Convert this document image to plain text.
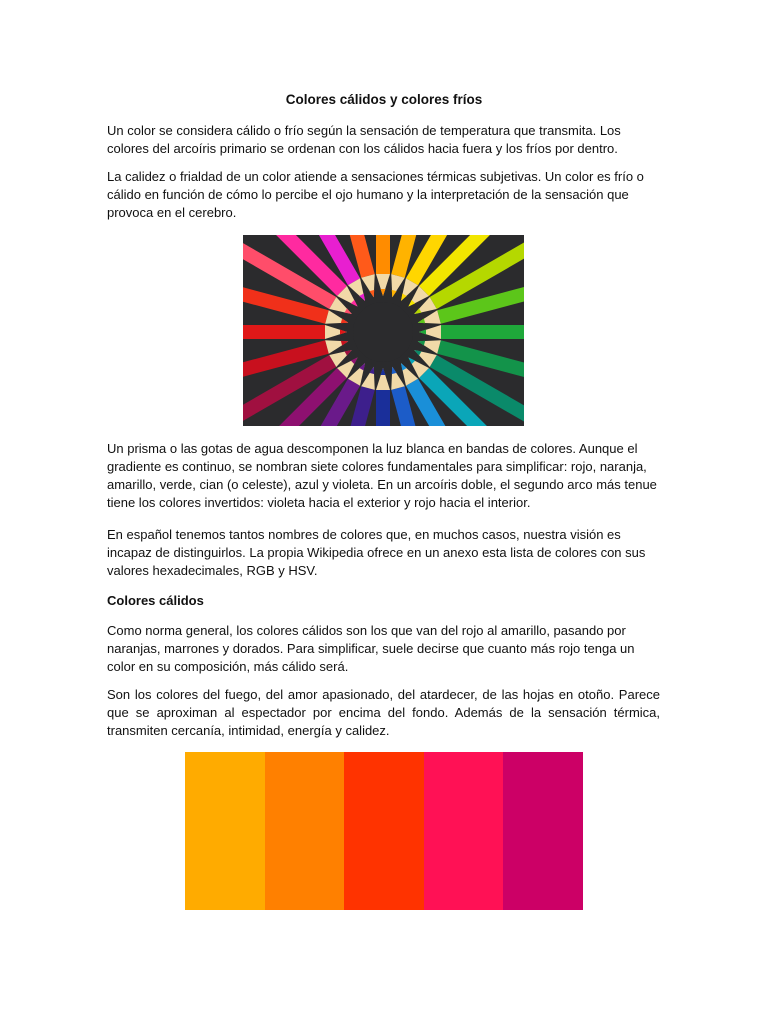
Colores cálidos y colores fríos

Un color se considera cálido o frío según la sensación de temperatura que transmita. Los colores del arcoíris primario se ordenan con los cálidos hacia fuera y los fríos por dentro.

La calidez o frialdad de un color atiende a sensaciones térmicas subjetivas. Un color es frío o cálido en función de cómo lo percibe el ojo humano y la interpretación de la sensación que provoca en el cerebro.

Un prisma o las gotas de agua descomponen la luz blanca en bandas de colores. Aunque el gradiente es continuo, se nombran siete colores fundamentales para simplificar: rojo, naranja, amarillo, verde, cian (o celeste), azul y violeta. En un arcoíris doble, el segundo arco más tenue tiene los colores invertidos: violeta hacia el exterior y rojo hacia el interior.

En español tenemos tantos nombres de colores que, en muchos casos, nuestra visión es incapaz de distinguirlos. La propia Wikipedia ofrece en un anexo esta lista de colores con sus valores hexadecimales, RGB y HSV.

Colores cálidos

Como norma general, los colores cálidos son los que van del rojo al amarillo, pasando por naranjas, marrones y dorados. Para simplificar, suele decirse que cuanto más rojo tenga un color en su composición, más cálido será.

Son los colores del fuego, del amor apasionado, del atardecer, de las hojas en otoño. Parece que se aproximan al espectador por encima del fondo. Además de la sensación térmica, transmiten cercanía, intimidad, energía y calidez.
